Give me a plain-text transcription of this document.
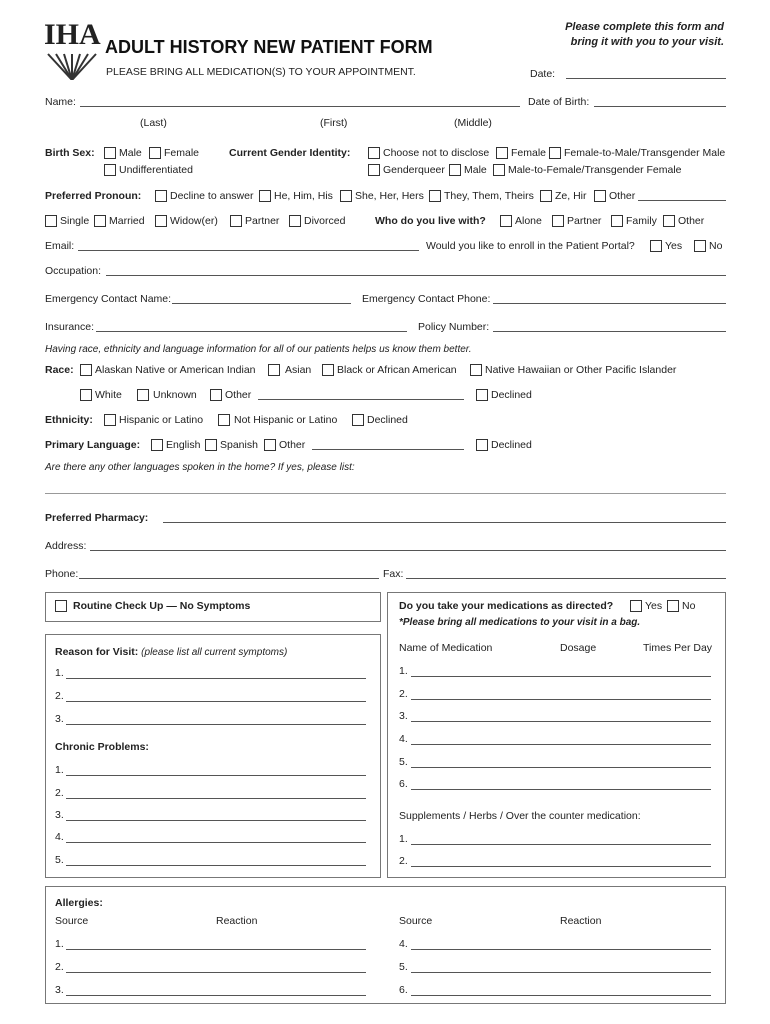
IHA ADULT HISTORY NEW PATIENT FORM
PLEASE BRING ALL MEDICATION(S) TO YOUR APPOINTMENT.
Please complete this form and
bring it with you to your visit.
Date:
Name:	Date of Birth:
(Last)	(First)	(Middle)
Birth Sex: Male Female
Undifferentiated
Current Gender Identity:	Choose not to disclose Female Female-to-Male/Transgender Male
Genderqueer Male Male-to-Female/Transgender Female
Preferred Pronoun:	Decline to answer He, Him, His She, Her, Hers They, Them, Theirs Ze, Hir Other
Single Married Widow(er)	Partner Divorced	Who do you live with?	Alone Partner Family Other
Email:	Would you like to enroll in the Patient Portal?	Yes	No
Occupation:
Emergency Contact Name:	Emergency Contact Phone:
Insurance:	Policy Number:
Having race, ethnicity and language information for all of our patients helps us know them better.
Race: Alaskan Native or American Indian	Asian Black or African American	Native Hawaiian or Other Pacific Islander
White	Unknown	Other	Declined
Ethnicity: Hispanic or Latino	Not Hispanic or Latino	Declined
Primary Language: English Spanish Other	Declined
Are there any other languages spoken in the home? If yes, please list:
Preferred Pharmacy:
Address:
Phone:	Fax:
Routine Check Up — No Symptoms
Reason for Visit: (please list all current symptoms)
1.
2.
3.
Chronic Problems:
1.
2.
3.
4.
5.
Do you take your medications as directed?	Yes No
*Please bring all medications to your visit in a bag.
Name of Medication	Dosage	Times Per Day
1.
2.
3.
4.
5.
6.
Supplements / Herbs / Over the counter medication:
1.
2.
Allergies:
Source	Reaction	Source	Reaction
1.
2.
3.
4.
5.
6.
